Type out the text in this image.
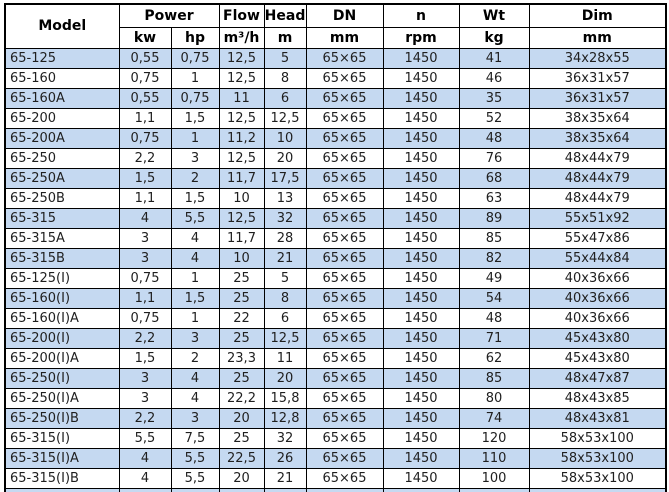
Model	Power		Flow	Head	DN	n	Wt	Dim
	kw	hp	m³/h	m	mm	rpm	kg	mm
65-125	0,55	0,75	12,5	5	65×65	1450	41	34x28x55
65-160	0,75	1	12,5	8	65×65	1450	46	36x31x57
65-160A	0,55	0,75	11	6	65×65	1450	35	36x31x57
65-200	1,1	1,5	12,5	12,5	65×65	1450	52	38x35x64
65-200A	0,75	1	11,2	10	65×65	1450	48	38x35x64
65-250	2,2	3	12,5	20	65×65	1450	76	48x44x79
65-250A	1,5	2	11,7	17,5	65×65	1450	68	48x44x79
65-250B	1,1	1,5	10	13	65×65	1450	63	48x44x79
65-315	4	5,5	12,5	32	65×65	1450	89	55x51x92
65-315A	3	4	11,7	28	65×65	1450	85	55x47x86
65-315B	3	4	10	21	65×65	1450	82	55x44x84
65-125(I)	0,75	1	25	5	65×65	1450	49	40x36x66
65-160(I)	1,1	1,5	25	8	65×65	1450	54	40x36x66
65-160(I)A	0,75	1	22	6	65×65	1450	48	40x36x66
65-200(I)	2,2	3	25	12,5	65×65	1450	71	45x43x80
65-200(I)A	1,5	2	23,3	11	65×65	1450	62	45x43x80
65-250(I)	3	4	25	20	65×65	1450	85	48x47x87
65-250(I)A	3	4	22,2	15,8	65×65	1450	80	48x43x85
65-250(I)B	2,2	3	20	12,8	65×65	1450	74	48x43x81
65-315(I)	5,5	7,5	25	32	65×65	1450	120	58x53x100
65-315(I)A	4	5,5	22,5	26	65×65	1450	110	58x53x100
65-315(I)B	4	5,5	20	21	65×65	1450	100	58x53x100
